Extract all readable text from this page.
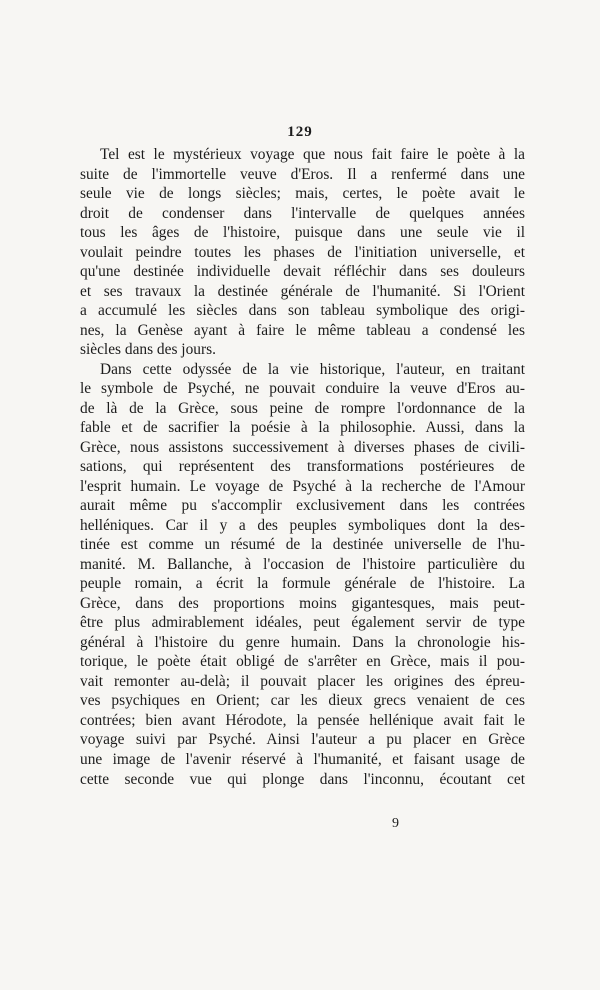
129
Tel est le mystérieux voyage que nous fait faire le poète à la
suite de l'immortelle veuve d'Eros. Il a renfermé dans une
seule vie de longs siècles; mais, certes, le poète avait le
droit de condenser dans l'intervalle de quelques années
tous les âges de l'histoire, puisque dans une seule vie il
voulait peindre toutes les phases de l'initiation universelle, et
qu'une destinée individuelle devait réfléchir dans ses douleurs
et ses travaux la destinée générale de l'humanité. Si l'Orient
a accumulé les siècles dans son tableau symbolique des origi-
nes, la Genèse ayant à faire le même tableau a condensé les
siècles dans des jours.
Dans cette odyssée de la vie historique, l'auteur, en traitant
le symbole de Psyché, ne pouvait conduire la veuve d'Eros au-
de là de la Grèce, sous peine de rompre l'ordonnance de la
fable et de sacrifier la poésie à la philosophie. Aussi, dans la
Grèce, nous assistons successivement à diverses phases de civili-
sations, qui représentent des transformations postérieures de
l'esprit humain. Le voyage de Psyché à la recherche de l'Amour
aurait même pu s'accomplir exclusivement dans les contrées
helléniques. Car il y a des peuples symboliques dont la des-
tinée est comme un résumé de la destinée universelle de l'hu-
manité. M. Ballanche, à l'occasion de l'histoire particulière du
peuple romain, a écrit la formule générale de l'histoire. La
Grèce, dans des proportions moins gigantesques, mais peut-
être plus admirablement idéales, peut également servir de type
général à l'histoire du genre humain. Dans la chronologie his-
torique, le poète était obligé de s'arrêter en Grèce, mais il pou-
vait remonter au-delà; il pouvait placer les origines des épreu-
ves psychiques en Orient; car les dieux grecs venaient de ces
contrées; bien avant Hérodote, la pensée hellénique avait fait le
voyage suivi par Psyché. Ainsi l'auteur a pu placer en Grèce
une image de l'avenir réservé à l'humanité, et faisant usage de
cette seconde vue qui plonge dans l'inconnu, écoutant cet
9
